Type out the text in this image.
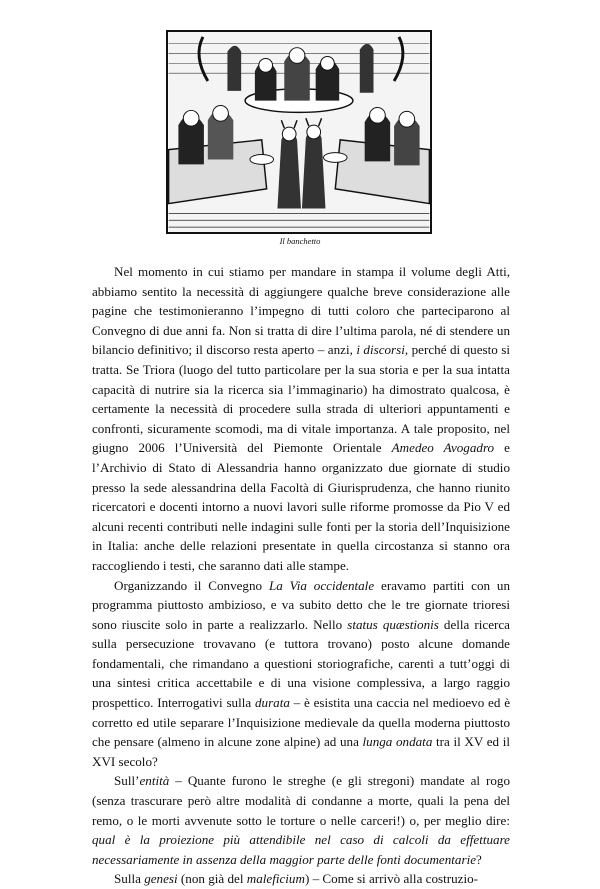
Il banchetto

Nel momento in cui stiamo per mandare in stampa il volume degli Atti, abbiamo sentito la necessità di aggiungere qualche breve considerazione alle pagine che testimonieranno l’impegno di tutti coloro che parteciparono al Convegno di due anni fa. Non si tratta di dire l’ultima parola, né di stendere un bilancio definitivo; il discorso resta aperto – anzi, i discorsi, perché di questo si tratta. Se Triora (luogo del tutto particolare per la sua storia e per la sua intatta capacità di nutrire sia la ricerca sia l’immaginario) ha dimostrato qualcosa, è certamente la necessità di procedere sulla strada di ulteriori appuntamenti e confronti, sicuramente scomodi, ma di vitale importanza. A tale proposito, nel giugno 2006 l’Università del Piemonte Orientale Amedeo Avogadro e l’Archivio di Stato di Alessandria hanno organizzato due giornate di studio presso la sede alessandrina della Facoltà di Giurisprudenza, che hanno riunito ricercatori e docenti intorno a nuovi lavori sulle riforme promosse da Pio V ed alcuni recenti contributi nelle indagini sulle fonti per la storia dell’Inquisizione in Italia: anche delle relazioni presentate in quella circostanza si stanno ora raccogliendo i testi, che saranno dati alle stampe.

Organizzando il Convegno La Via occidentale eravamo partiti con un programma piuttosto ambizioso, e va subito detto che le tre giornate trioresi sono riuscite solo in parte a realizzarlo. Nello status quæstionis della ricerca sulla persecuzione trovavano (e tuttora trovano) posto alcune domande fondamentali, che rimandano a questioni storiografiche, carenti a tutt’oggi di una sintesi critica accettabile e di una visione complessiva, a largo raggio prospettico. Interrogativi sulla durata – è esistita una caccia nel medioevo ed è corretto ed utile separare l’Inquisizione medievale da quella moderna piuttosto che pensare (almeno in alcune zone alpine) ad una lunga ondata tra il XV ed il XVI secolo?

Sull’entità – Quante furono le streghe (e gli stregoni) mandate al rogo (senza trascurare però altre modalità di condanne a morte, quali la pena del remo, o le morti avvenute sotto le torture o nelle carceri!) o, per meglio dire: qual è la proiezione più attendibile nel caso di calcoli da effettuare necessariamente in assenza della maggior parte delle fonti documentarie?

Sulla genesi (non già del maleficium) – Come si arrivò alla costruzio-
